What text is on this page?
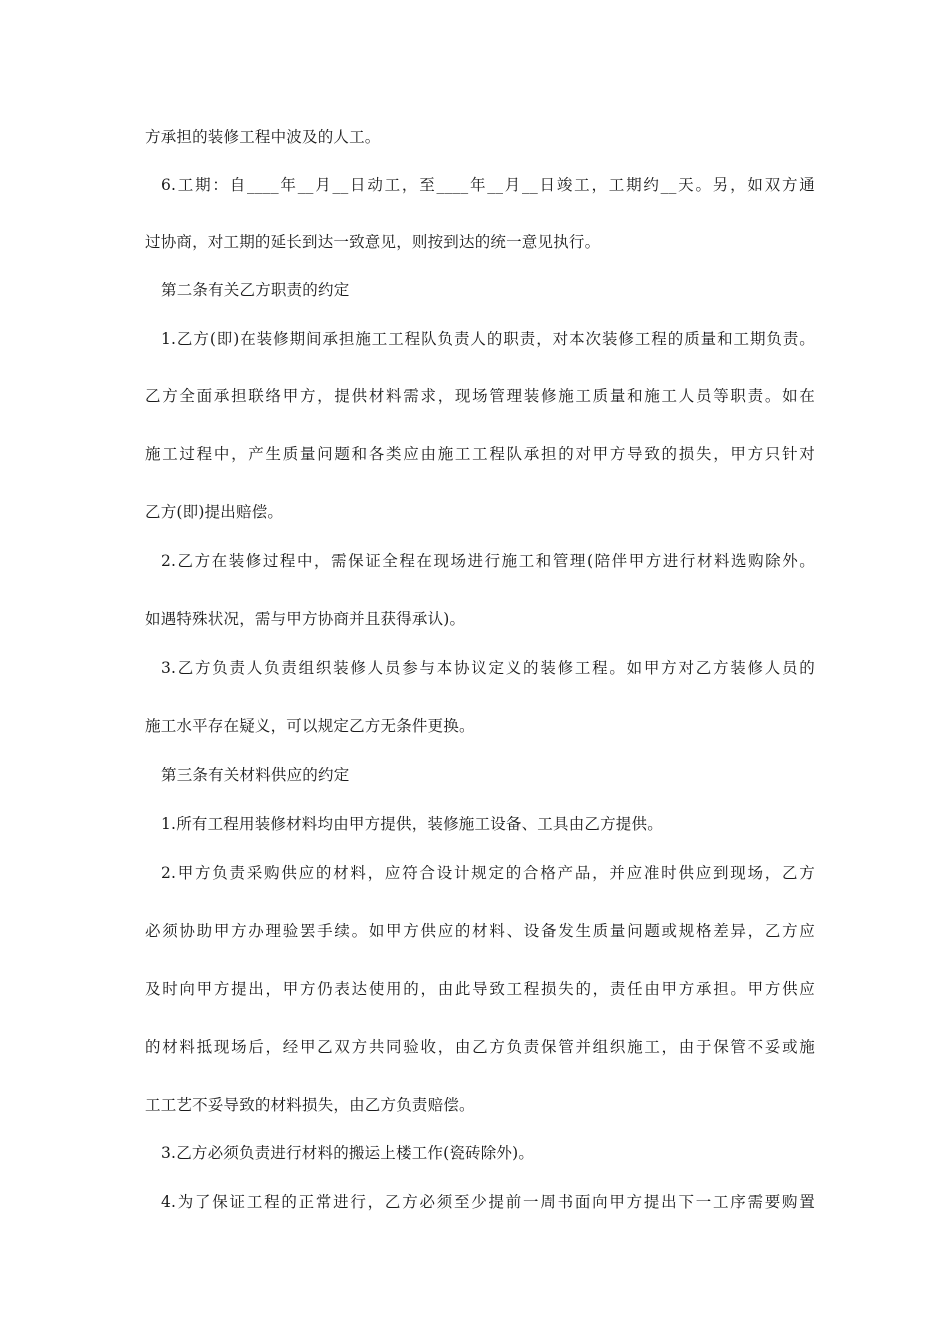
方承担的装修工程中波及的人工。
6.工期：自____年__月__日动工，至____年__月__日竣工，工期约__天。另，如双方通
过协商，对工期的延长到达一致意见，则按到达的统一意见执行。
第二条有关乙方职责的约定
1.乙方(即)在装修期间承担施工工程队负责人的职责，对本次装修工程的质量和工期负责。
乙方全面承担联络甲方，提供材料需求，现场管理装修施工质量和施工人员等职责。如在
施工过程中，产生质量问题和各类应由施工工程队承担的对甲方导致的损失，甲方只针对
乙方(即)提出赔偿。
2.乙方在装修过程中，需保证全程在现场进行施工和管理(陪伴甲方进行材料选购除外。
如遇特殊状况，需与甲方协商并且获得承认)。
3.乙方负责人负责组织装修人员参与本协议定义的装修工程。如甲方对乙方装修人员的
施工水平存在疑义，可以规定乙方无条件更换。
第三条有关材料供应的约定
1.所有工程用装修材料均由甲方提供，装修施工设备、工具由乙方提供。
2.甲方负责采购供应的材料，应符合设计规定的合格产品，并应准时供应到现场，乙方
必须协助甲方办理验罢手续。如甲方供应的材料、设备发生质量问题或规格差异，乙方应
及时向甲方提出，甲方仍表达使用的，由此导致工程损失的，责任由甲方承担。甲方供应
的材料抵现场后，经甲乙双方共同验收，由乙方负责保管并组织施工，由于保管不妥或施
工工艺不妥导致的材料损失，由乙方负责赔偿。
3.乙方必须负责进行材料的搬运上楼工作(瓷砖除外)。
4.为了保证工程的正常进行，乙方必须至少提前一周书面向甲方提出下一工序需要购置
